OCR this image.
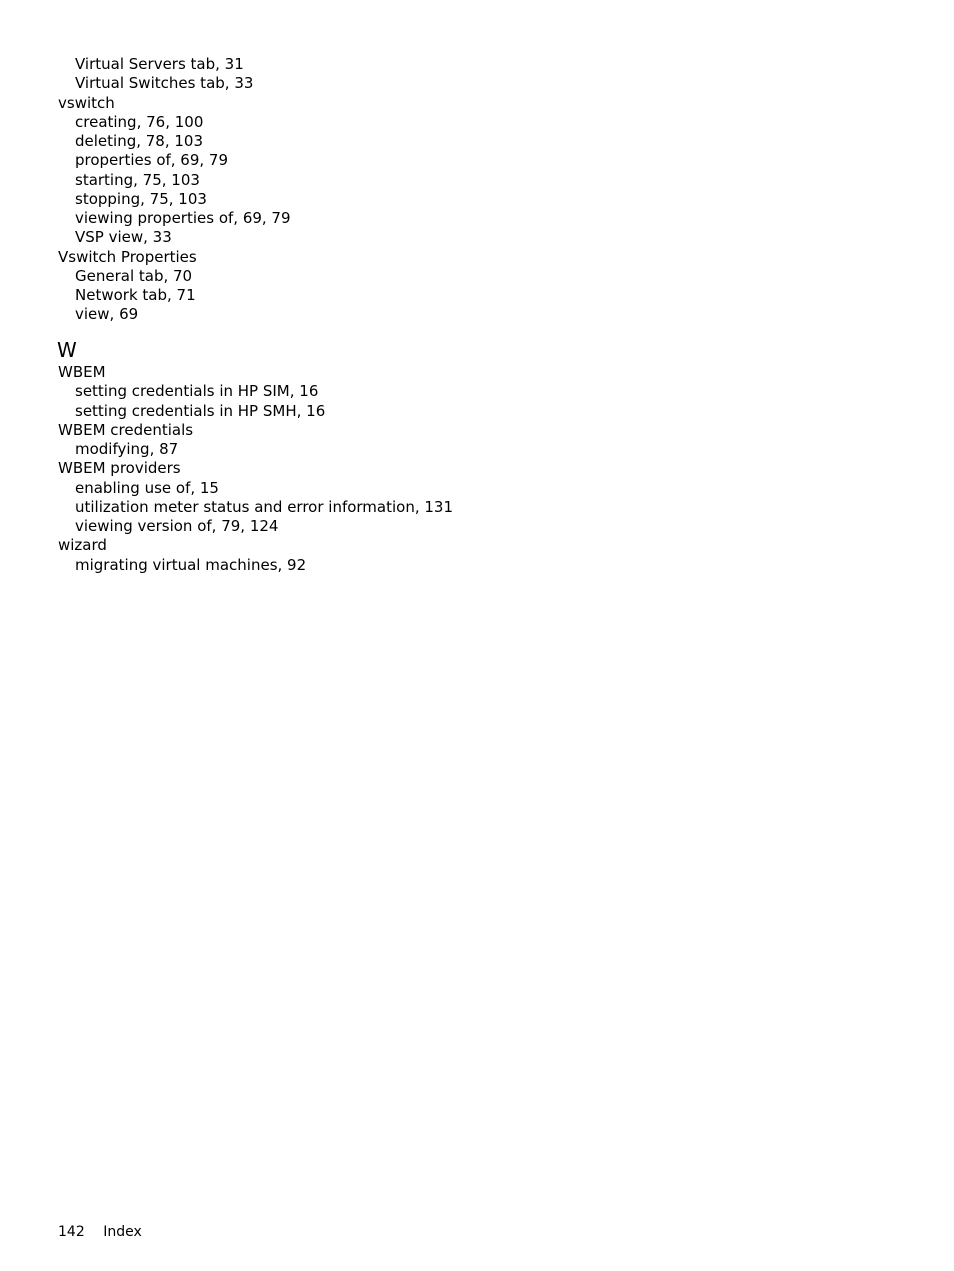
Virtual Servers tab, 31
Virtual Switches tab, 33
vswitch
creating, 76, 100
deleting, 78, 103
properties of, 69, 79
starting, 75, 103
stopping, 75, 103
viewing properties of, 69, 79
VSP view, 33
Vswitch Properties
General tab, 70
Network tab, 71
view, 69
W
WBEM
setting credentials in HP SIM, 16
setting credentials in HP SMH, 16
WBEM credentials
modifying, 87
WBEM providers
enabling use of, 15
utilization meter status and error information, 131
viewing version of, 79, 124
wizard
migrating virtual machines, 92
142 Index
